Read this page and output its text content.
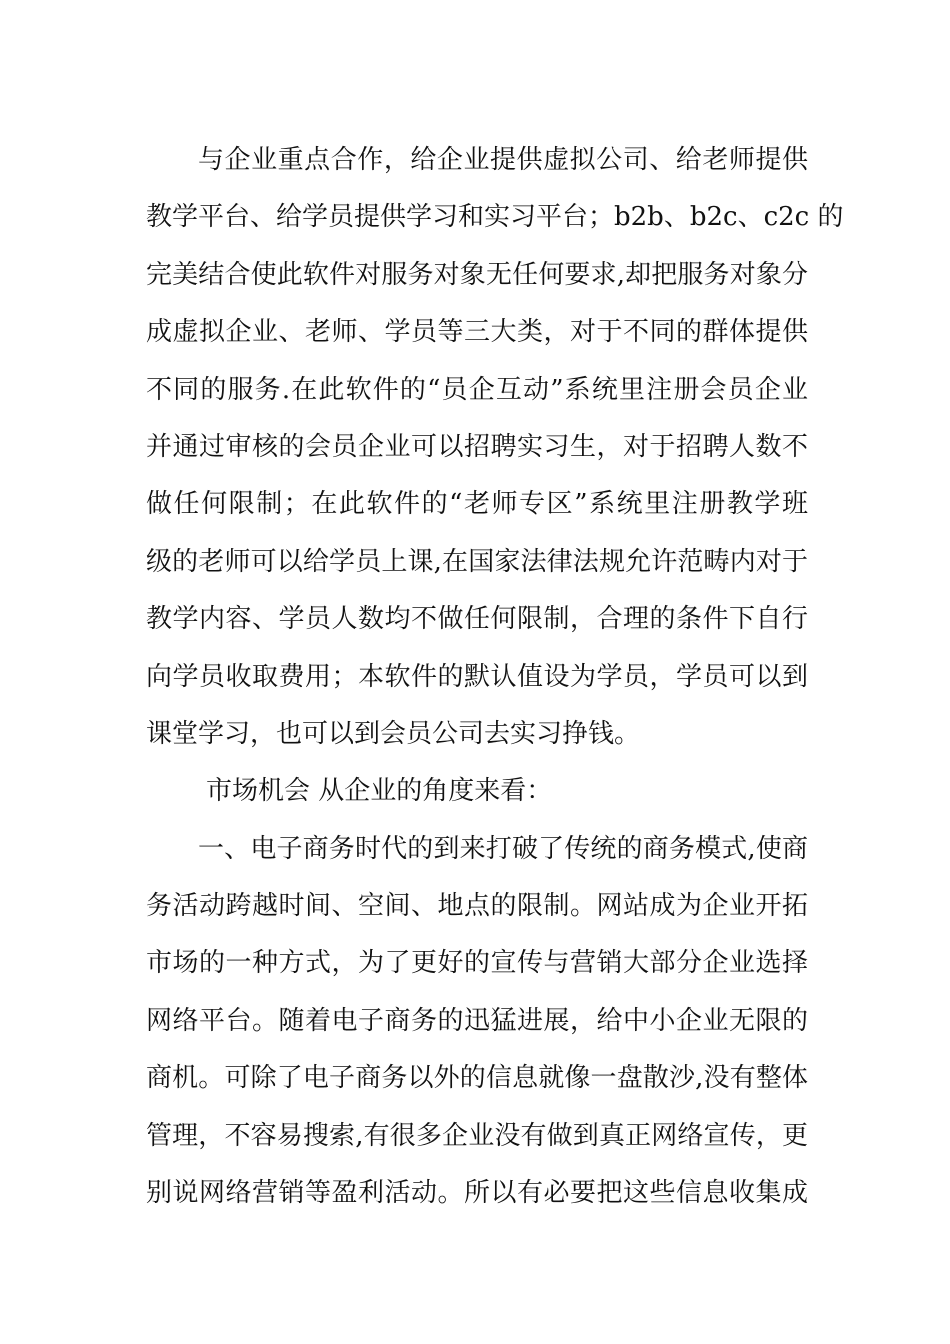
与企业重点合作，给企业提供虚拟公司、给老师提供
教学平台、给学员提供学习和实习平台；b2b、b2c、c2c 的
完美结合使此软件对服务对象无任何要求,却把服务对象分
成虚拟企业、老师、学员等三大类，对于不同的群体提供
不同的服务.在此软件的“员企互动”系统里注册会员企业
并通过审核的会员企业可以招聘实习生，对于招聘人数不
做任何限制；在此软件的“老师专区”系统里注册教学班
级的老师可以给学员上课,在国家法律法规允许范畴内对于
教学内容、学员人数均不做任何限制，合理的条件下自行
向学员收取费用；本软件的默认值设为学员，学员可以到
课堂学习，也可以到会员公司去实习挣钱。
市场机会 从企业的角度来看：
一、电子商务时代的到来打破了传统的商务模式,使商
务活动跨越时间、空间、地点的限制。网站成为企业开拓
市场的一种方式，为了更好的宣传与营销大部分企业选择
网络平台。随着电子商务的迅猛进展，给中小企业无限的
商机。可除了电子商务以外的信息就像一盘散沙,没有整体
管理，不容易搜索,有很多企业没有做到真正网络宣传，更
别说网络营销等盈利活动。所以有必要把这些信息收集成
